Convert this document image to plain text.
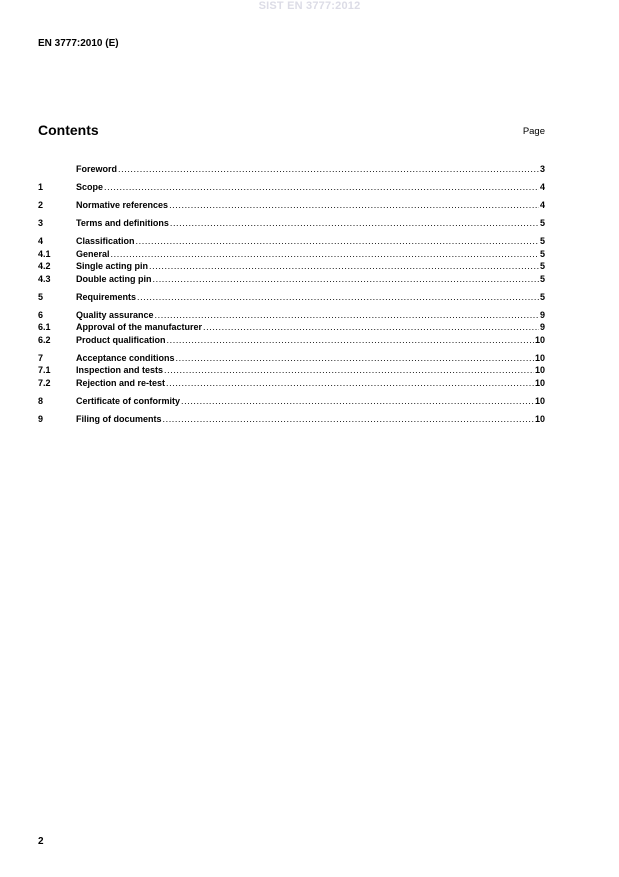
SIST EN 3777:2012
EN 3777:2010 (E)
Contents	Page
Foreword .....	3
1	Scope .....	4
2	Normative references .....	4
3	Terms and definitions .....	5
4	Classification .....	5
4.1	General .....	5
4.2	Single acting pin .....	5
4.3	Double acting pin .....	5
5	Requirements .....	5
6	Quality assurance .....	9
6.1	Approval of the manufacturer .....	9
6.2	Product qualification .....	10
7	Acceptance conditions .....	10
7.1	Inspection and tests .....	10
7.2	Rejection and re-test .....	10
8	Certificate of conformity .....	10
9	Filing of documents .....	10
2
